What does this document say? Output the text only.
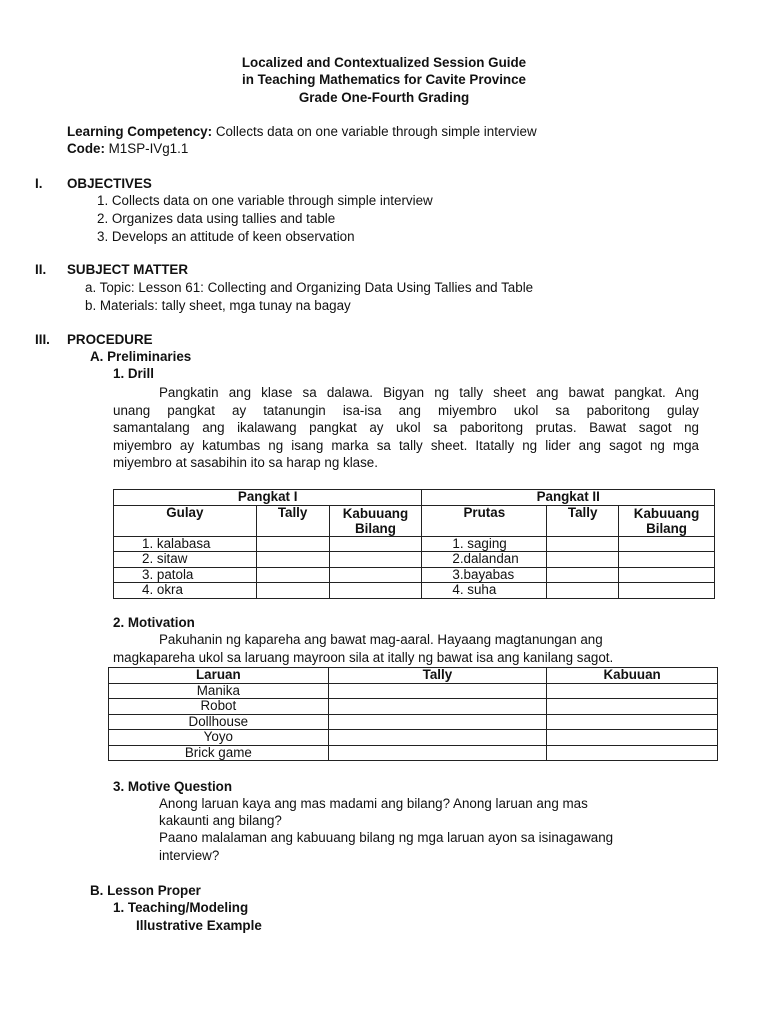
Localized and Contextualized Session Guide
in Teaching Mathematics for Cavite Province
Grade One-Fourth Grading
Learning Competency: Collects data on one variable through simple interview
Code: M1SP-IVg1.1
I. OBJECTIVES
1. Collects data on one variable through simple interview
2. Organizes data using tallies and table
3. Develops an attitude of keen observation
II. SUBJECT MATTER
a. Topic: Lesson 61: Collecting and Organizing Data Using Tallies and Table
b. Materials: tally sheet, mga tunay na bagay
III. PROCEDURE
A. Preliminaries
1. Drill
Pangkatin ang klase sa dalawa. Bigyan ng tally sheet ang bawat pangkat. Ang
unang pangkat ay tatanungin isa-isa ang miyembro ukol sa paboritong gulay
samantalang ang ikalawang pangkat ay ukol sa paboritong prutas. Bawat sagot ng
miyembro ay katumbas ng isang marka sa tally sheet. Itatally ng lider ang sagot ng mga
miyembro at sasabihin ito sa harap ng klase.
Pangkat I			Pangkat II		
Gulay	Tally	Kabuuang Bilang	Prutas	Tally	Kabuuang Bilang
1. kalabasa			1. saging		
2. sitaw			2.dalandan		
3. patola			3.bayabas		
4. okra			4. suha		
2. Motivation
Pakuhanin ng kapareha ang bawat mag-aaral. Hayaang magtanungan ang
magkapareha ukol sa laruang mayroon sila at itally ng bawat isa ang kanilang sagot.
Laruan	Tally	Kabuuan
Manika		
Robot		
Dollhouse		
Yoyo		
Brick game		
3. Motive Question
Anong laruan kaya ang mas madami ang bilang? Anong laruan ang mas
kakaunti ang bilang?
Paano malalaman ang kabuuang bilang ng mga laruan ayon sa isinagawang
interview?
B. Lesson Proper
1. Teaching/Modeling
Illustrative Example
